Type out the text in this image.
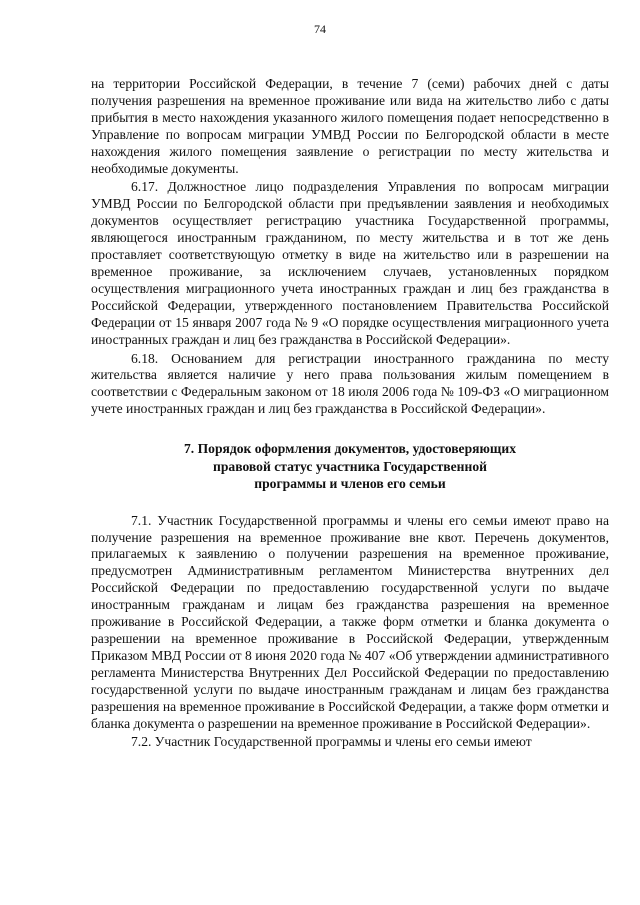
74

на территории Российской Федерации, в течение 7 (семи) рабочих дней с даты получения разрешения на временное проживание или вида на жительство либо с даты прибытия в место нахождения указанного жилого помещения подает непосредственно в Управление по вопросам миграции УМВД России по Белгородской области в месте нахождения жилого помещения заявление о регистрации по месту жительства и необходимые документы.

6.17. Должностное лицо подразделения Управления по вопросам миграции УМВД России по Белгородской области при предъявлении заявления и необходимых документов осуществляет регистрацию участника Государственной программы, являющегося иностранным гражданином, по месту жительства и в тот же день проставляет соответствующую отметку в виде на жительство или в разрешении на временное проживание, за исключением случаев, установленных порядком осуществления миграционного учета иностранных граждан и лиц без гражданства в Российской Федерации, утвержденного постановлением Правительства Российской Федерации от 15 января 2007 года № 9 «О порядке осуществления миграционного учета иностранных граждан и лиц без гражданства в Российской Федерации».

6.18. Основанием для регистрации иностранного гражданина по месту жительства является наличие у него права пользования жилым помещением в соответствии с Федеральным законом от 18 июля 2006 года № 109-ФЗ «О миграционном учете иностранных граждан и лиц без гражданства в Российской Федерации».

7. Порядок оформления документов, удостоверяющих
правовой статус участника Государственной
программы и членов его семьи

7.1. Участник Государственной программы и члены его семьи имеют право на получение разрешения на временное проживание вне квот. Перечень документов, прилагаемых к заявлению о получении разрешения на временное проживание, предусмотрен Административным регламентом Министерства внутренних дел Российской Федерации по предоставлению государственной услуги по выдаче иностранным гражданам и лицам без гражданства разрешения на временное проживание в Российской Федерации, а также форм отметки и бланка документа о разрешении на временное проживание в Российской Федерации, утвержденным Приказом МВД России от 8 июня 2020 года № 407 «Об утверждении административного регламента Министерства Внутренних Дел Российской Федерации по предоставлению государственной услуги по выдаче иностранным гражданам и лицам без гражданства разрешения на временное проживание в Российской Федерации, а также форм отметки и бланка документа о разрешении на временное проживание в Российской Федерации».

7.2. Участник Государственной программы и члены его семьи имеют
